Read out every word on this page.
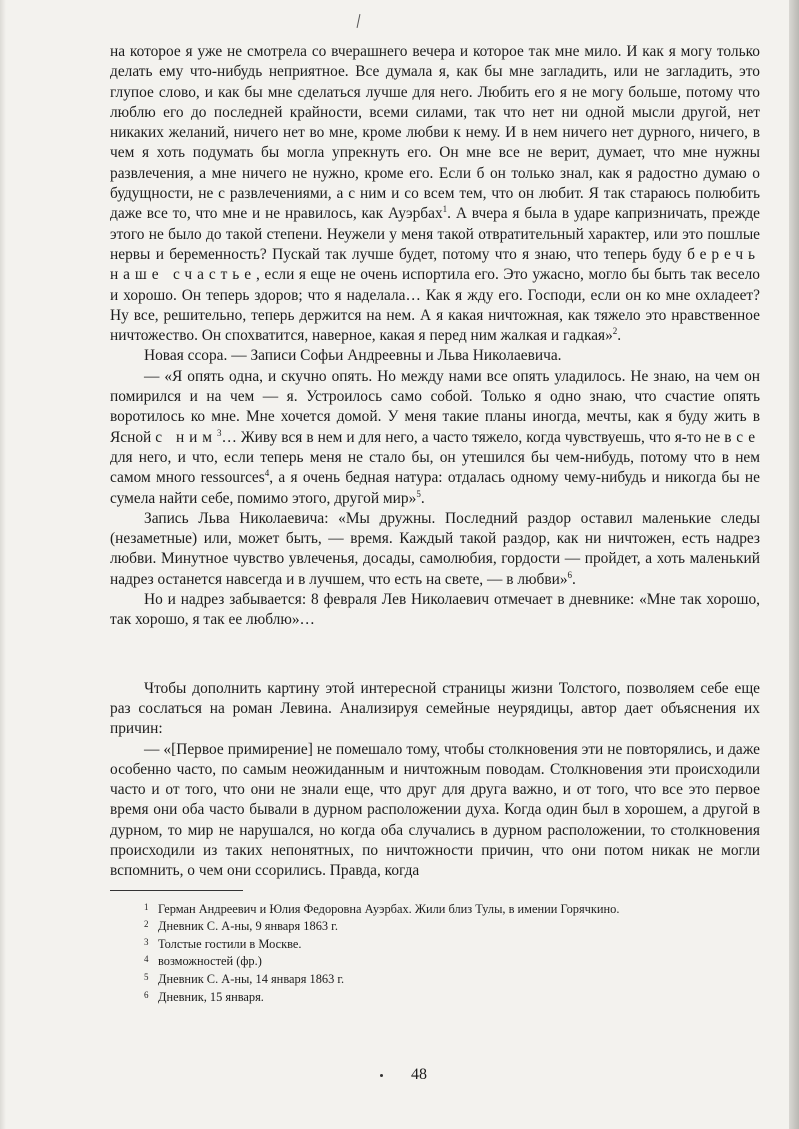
на которое я уже не смотрела со вчерашнего вечера и которое так мне мило. И как я могу только делать ему что-нибудь неприятное. Все думала я, как бы мне загладить, или не загладить, это глупое слово, и как бы мне сделаться лучше для него. Любить его я не могу больше, потому что люблю его до последней крайности, всеми силами, так что нет ни одной мысли другой, нет никаких желаний, ничего нет во мне, кроме любви к нему. И в нем ничего нет дурного, ничего, в чем я хоть подумать бы могла упрекнуть его. Он мне все не верит, думает, что мне нужны развлечения, а мне ничего не нужно, кроме его. Если б он только знал, как я радостно думаю о будущности, не с развлечениями, а с ним и со всем тем, что он любит. Я так стараюсь полюбить даже все то, что мне и не нравилось, как Ауэрбах$^1$. А вчера я была в ударе капризничать, прежде этого не было до такой степени. Неужели у меня такой отвратительный характер, или это пошлые нервы и беременность? Пускай так лучше будет, потому что я знаю, что теперь буду беречь наше счастье, если я еще не очень испортила его. Это ужасно, могло бы быть так весело и хорошо. Он теперь здоров; что я наделала… Как я жду его. Господи, если он ко мне охладеет? Ну все, решительно, теперь держится на нем. А я какая ничтожная, как тяжело это нравственное ничтожество. Он спохватится, наверное, какая я перед ним жалкая и гадкая»$^2$.

Новая ссора. — Записи Софьи Андреевны и Льва Николаевича.

— «Я опять одна, и скучно опять. Но между нами все опять уладилось. Не знаю, на чем он помирился и на чем — я. Устроилось само собой. Только я одно знаю, что счастие опять воротилось ко мне. Мне хочется домой. У меня такие планы иногда, мечты, как я буду жить в Ясной с ним$^3$… Живу вся в нем и для него, а часто тяжело, когда чувствуешь, что я-то не все для него, и что, если теперь меня не стало бы, он утешился бы чем-нибудь, потому что в нем самом много ressources$^4$, а я очень бедная натура: отдалась одному чему-нибудь и никогда бы не сумела найти себе, помимо этого, другой мир»$^5$.

Запись Льва Николаевича: «Мы дружны. Последний раздор оставил маленькие следы (незаметные) или, может быть, — время. Каждый такой раздор, как ни ничтожен, есть надрез любви. Минутное чувство увлеченья, досады, самолюбия, гордости — пройдет, а хоть маленький надрез останется навсегда и в лучшем, что есть на свете, — в любви»$^6$.

Но и надрез забывается: 8 февраля Лев Николаевич отмечает в дневнике: «Мне так хорошо, так хорошо, я так ее люблю»…

Чтобы дополнить картину этой интересной страницы жизни Толстого, позволяем себе еще раз сослаться на роман Левина. Анализируя семейные неурядицы, автор дает объяснения их причин:

— «[Первое примирение] не помешало тому, чтобы столкновения эти не повторялись, и даже особенно часто, по самым неожиданным и ничтожным поводам. Столкновения эти происходили часто и от того, что они не знали еще, что друг для друга важно, и от того, что все это первое время они оба часто бывали в дурном расположении духа. Когда один был в хорошем, а другой в дурном, то мир не нарушался, но когда оба случались в дурном расположении, то столкновения происходили из таких непонятных, по ничтожности причин, что они потом никак не могли вспомнить, о чем они ссорились. Правда, когда

1 Герман Андреевич и Юлия Федоровна Ауэрбах. Жили близ Тулы, в имении Горячкино.

2 Дневник С. А-ны, 9 января 1863 г.

3 Толстые гостили в Москве.

4 возможностей (фр.)

5 Дневник С. А-ны, 14 января 1863 г.

6 Дневник, 15 января.

48
